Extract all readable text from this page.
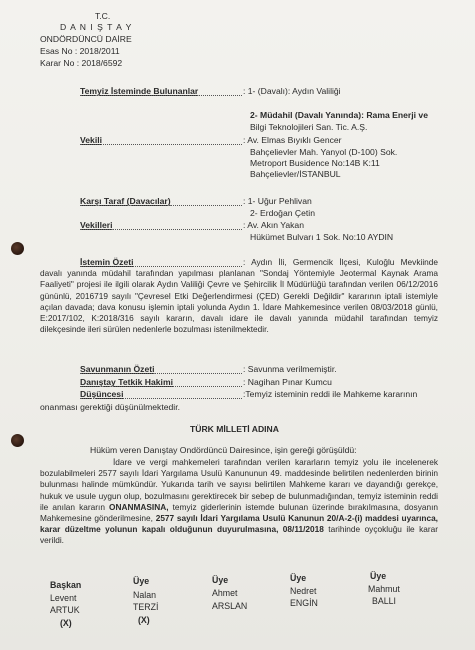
T.C.
D A N I Ş T A Y
ONDÖRDÜNCÜ DAİRE
Esas No : 2018/2011
Karar No : 2018/6592
Temyiz İsteminde Bulunanlar	: 1- (Davalı): Aydın Valiliği
2- Müdahil (Davalı Yanında): Rama Enerji ve
Bilgi Teknolojileri San. Tic. A.Ş.
Vekili	: Av. Elmas Bıyıklı Gencer
Bahçelievler Mah. Yanyol (D-100) Sok.
Metroport Busidence No:14B K:11
Bahçelievler/İSTANBUL
Karşı Taraf (Davacılar)	: 1- Uğur Pehlivan
2- Erdoğan Çetin
Vekilleri	: Av. Akın Yakan
Hükümet Bulvarı 1 Sok. No:10 AYDIN
İstemin Özeti	: Aydın İli, Germencik İlçesi, Kuloğlu Mevkiinde davalı yanında müdahil tarafından yapılması planlanan "Sondaj Yöntemiyle Jeotermal Kaynak Arama Faaliyeti" projesi ile ilgili olarak Aydın Valiliği Çevre ve Şehircilik İl Müdürlüğü tarafından verilen 06/12/2016 gününlü, 2016719 sayılı "Çevresel Etki Değerlendirmesi (ÇED) Gerekli Değildir" kararının iptali istemiyle açılan davada; dava konusu işlemin iptali yolunda Aydın 1. İdare Mahkemesince verilen 08/03/2018 günlü, E:2017/102, K:2018/316 sayılı kararın, davalı idare ile davalı yanında müdahil tarafından temyiz dilekçesinde ileri sürülen nedenlerle bozulması istenilmektedir.
Savunmanın Özeti	: Savunma verilmemiştir.
Danıştay Tetkik Hakimi	: Nagihan Pınar Kumcu
Düşüncesi	:Temyiz isteminin reddi ile Mahkeme kararının
onanması gerektiği düşünülmektedir.
TÜRK MİLLETİ ADINA
Hüküm veren Danıştay Ondördüncü Dairesince, işin gereği görüşüldü:
İdare ve vergi mahkemeleri tarafından verilen kararların temyiz yolu ile incelenerek bozulabilmeleri 2577 sayılı İdari Yargılama Usulü Kanununun 49. maddesinde belirtilen nedenlerden birinin bulunması halinde mümkündür. Yukarıda tarih ve sayısı belirtilen Mahkeme kararı ve dayandığı gerekçe, hukuk ve usule uygun olup, bozulmasını gerektirecek bir sebep de bulunmadığından, temyiz isteminin reddi ile anılan kararın ONANMASINA, temyiz giderlerinin istemde bulunan üzerinde bırakılmasına, dosyanın Mahkemesine gönderilmesine, 2577 sayılı İdari Yargılama Usulü Kanunun 20/A-2-(i) maddesi uyarınca, karar düzeltme yolunun kapalı olduğunun duyurulmasına, 08/11/2018 tarihinde oyçokluğu ile karar verildi.
Başkan
Levent
ARTUK
(X)
Üye
Nalan
TERZİ
(X)
Üye
Ahmet
ARSLAN
Üye
Nedret
ENGİN
Üye
Mahmut
BALLI
